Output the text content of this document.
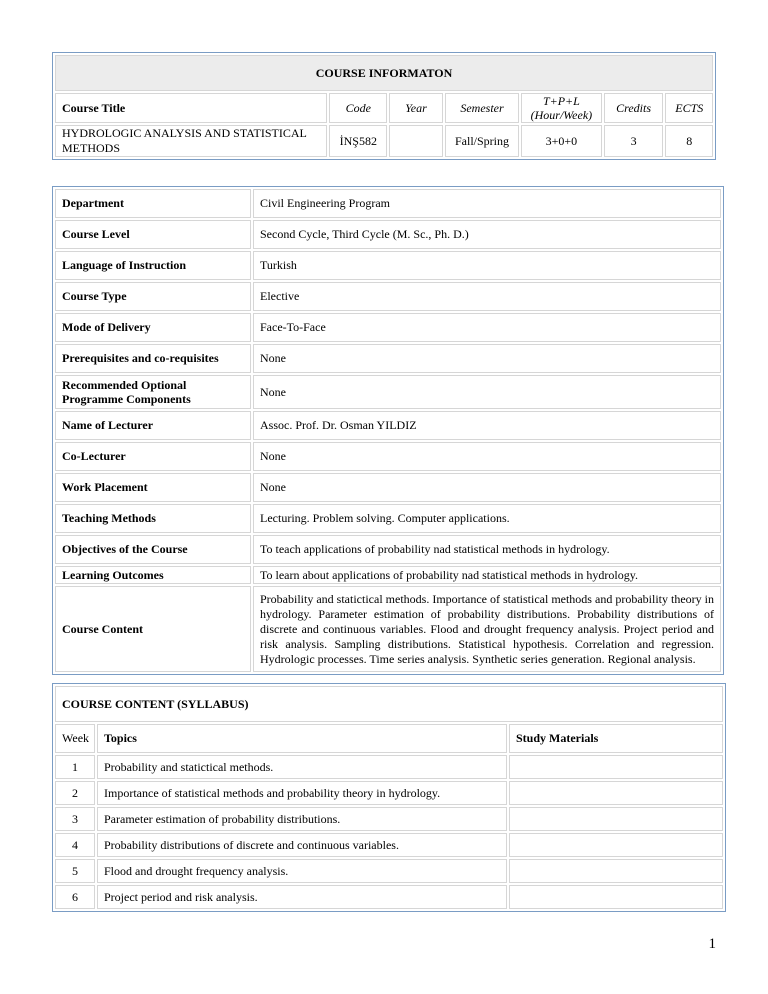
COURSE INFORMATON						
Course Title	Code	Year	Semester	T+P+L (Hour/Week)	Credits	ECTS
HYDROLOGIC ANALYSIS AND STATISTICAL METHODS	İNŞ582		Fall/Spring	3+0+0	3	8
Department	Civil Engineering Program
Course Level	Second Cycle, Third Cycle (M. Sc., Ph. D.)
Language of Instruction	Turkish
Course Type	Elective
Mode of Delivery	Face-To-Face
Prerequisites and co-requisites	None
Recommended Optional Programme Components	None
Name of Lecturer	Assoc. Prof. Dr. Osman YILDIZ
Co-Lecturer	None
Work Placement	None
Teaching Methods	Lecturing. Problem solving. Computer applications.
Objectives of the Course	To teach applications of probability nad statistical methods in hydrology.
Learning Outcomes	To learn about applications of probability nad statistical methods in hydrology.
Course Content	Probability and statictical methods. Importance of statistical methods and probability theory in hydrology. Parameter estimation of probability distributions. Probability distributions of discrete and continuous variables. Flood and drought frequency analysis. Project period and risk analysis. Sampling distributions. Statistical hypothesis. Correlation and regression. Hydrologic processes. Time series analysis. Synthetic series generation. Regional analysis.
COURSE CONTENT (SYLLABUS)		
Week	Topics	Study Materials
1	Probability and statictical methods.	
2	Importance of statistical methods and probability theory in hydrology.	
3	Parameter estimation of probability distributions.	
4	Probability distributions of discrete and continuous variables.	
5	Flood and drought frequency analysis.	
6	Project period and risk analysis.	
1
